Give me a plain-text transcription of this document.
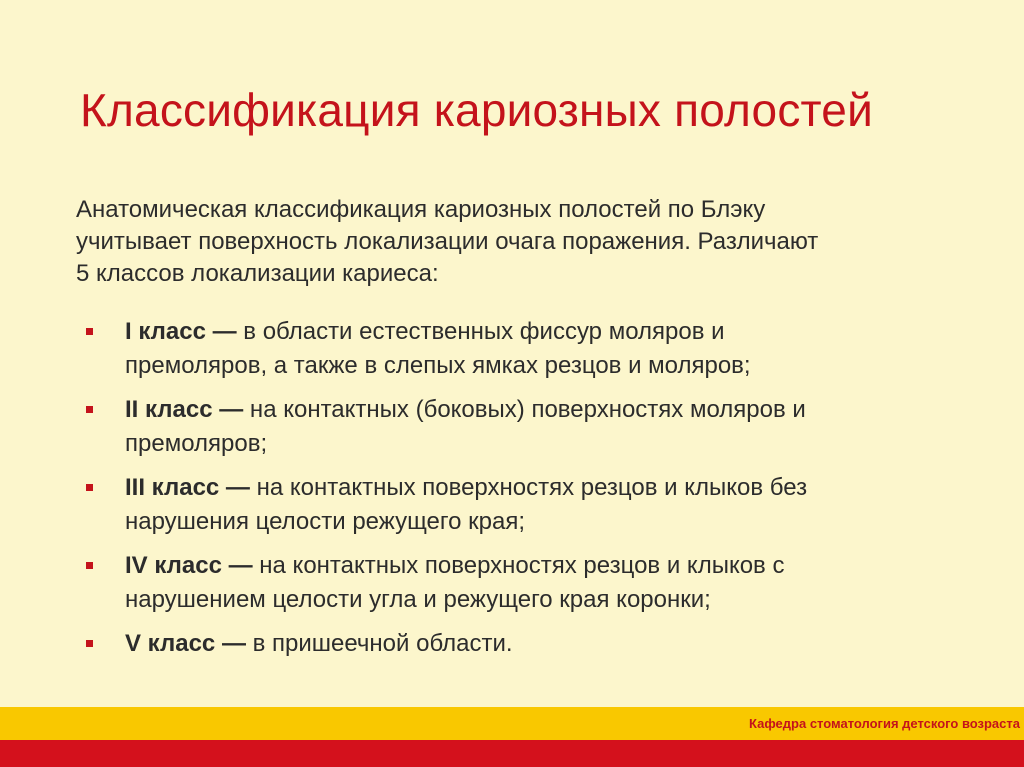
Классификация кариозных полостей

Анатомическая классификация кариозных полостей по Блэку
учитывает поверхность локализации очага поражения. Различают
5 классов локализации кариеса:

I класс — в области естественных фиссур моляров и
премоляров, а также в слепых ямках резцов и моляров;
II класс — на контактных (боковых) поверхностях моляров и
премоляров;
III класс — на контактных поверхностях резцов и клыков без
нарушения целости режущего края;
IV класс — на контактных поверхностях резцов и клыков с
нарушением целости угла и режущего края коронки;
V класс — в пришеечной области.
Кафедра стоматология детского возраста
